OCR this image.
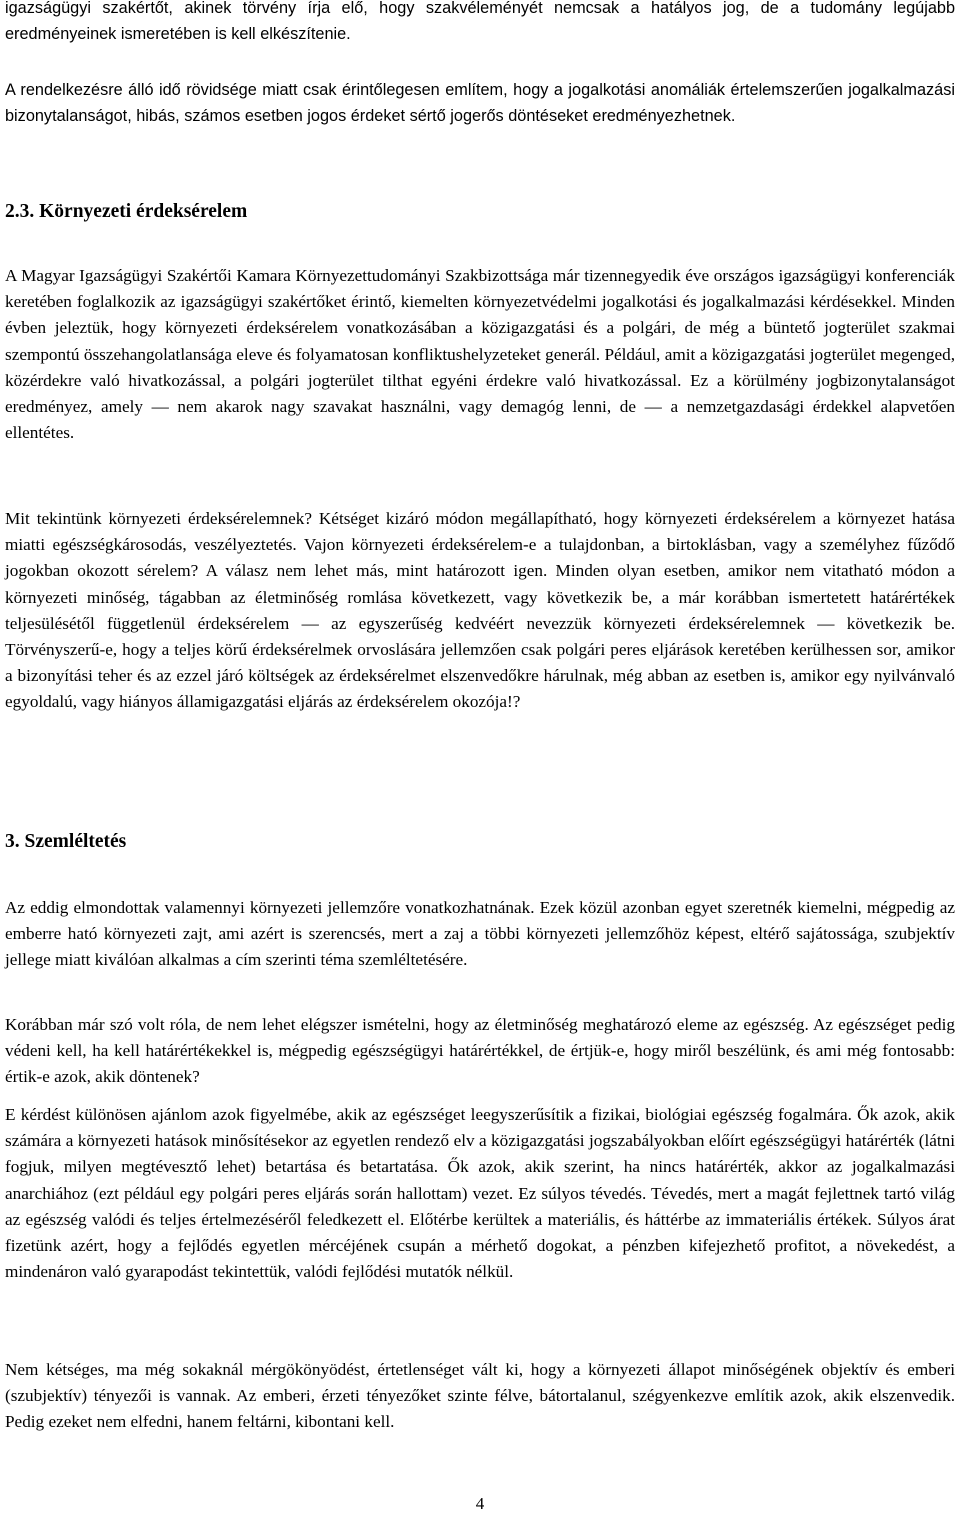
igazságügyi szakértőt, akinek törvény írja elő, hogy szakvéleményét nemcsak a hatályos jog, de a tudomány legújabb eredményeinek ismeretében is kell elkészítenie.

A rendelkezésre álló idő rövidsége miatt csak érintőlegesen említem, hogy a jogalkotási anomáliák értelemszerűen jogalkalmazási bizonytalanságot, hibás, számos esetben jogos érdeket sértő jogerős döntéseket eredményezhetnek.

2.3. Környezeti érdeksérelem

A Magyar Igazságügyi Szakértői Kamara Környezettudományi Szakbizottsága már tizennegyedik éve országos igazságügyi konferenciák keretében foglalkozik az igazságügyi szakértőket érintő, kiemelten környezetvédelmi jogalkotási és jogalkalmazási kérdésekkel. Minden évben jeleztük, hogy környezeti érdeksérelem vonatkozásában a közigazgatási és a polgári, de még a büntető jogterület szakmai szempontú összehangolatlansága eleve és folyamatosan konfliktushelyzeteket generál. Például, amit a közigazgatási jogterület megenged, közérdekre való hivatkozással, a polgári jogterület tilthat egyéni érdekre való hivatkozással. Ez a körülmény jogbizonytalanságot eredményez, amely — nem akarok nagy szavakat használni, vagy demagóg lenni, de — a nemzetgazdasági érdekkel alapvetően ellentétes.

Mit tekintünk környezeti érdeksérelemnek? Kétséget kizáró módon megállapítható, hogy környezeti érdeksérelem a környezet hatása miatti egészségkárosodás, veszélyeztetés. Vajon környezeti érdeksérelem-e a tulajdonban, a birtoklásban, vagy a személyhez fűződő jogokban okozott sérelem? A válasz nem lehet más, mint határozott igen. Minden olyan esetben, amikor nem vitatható módon a környezeti minőség, tágabban az életminőség romlása következett, vagy következik be, a már korábban ismertetett határértékek teljesülésétől függetlenül érdeksérelem — az egyszerűség kedvéért nevezzük környezeti érdeksérelemnek — következik be. Törvényszerű-e, hogy a teljes körű érdeksérelmek orvoslására jellemzően csak polgári peres eljárások keretében kerülhessen sor, amikor a bizonyítási teher és az ezzel járó költségek az érdeksérelmet elszenvedőkre hárulnak, még abban az esetben is, amikor egy nyilvánvaló egyoldalú, vagy hiányos államigazgatási eljárás az érdeksérelem okozója!?

3. Szemléltetés

Az eddig elmondottak valamennyi környezeti jellemzőre vonatkozhatnának. Ezek közül azonban egyet szeretnék kiemelni, mégpedig az emberre ható környezeti zajt, ami azért is szerencsés, mert a zaj a többi környezeti jellemzőhöz képest, eltérő sajátossága, szubjektív jellege miatt kiválóan alkalmas a cím szerinti téma szemléltetésére.

Korábban már szó volt róla, de nem lehet elégszer ismételni, hogy az életminőség meghatározó eleme az egészség. Az egészséget pedig védeni kell, ha kell határértékekkel is, mégpedig egészségügyi határértékkel, de értjük-e, hogy miről beszélünk, és ami még fontosabb: értik-e azok, akik döntenek?

E kérdést különösen ajánlom azok figyelmébe, akik az egészséget leegyszerűsítik a fizikai, biológiai egészség fogalmára. Ők azok, akik számára a környezeti hatások minősítésekor az egyetlen rendező elv a közigazgatási jogszabályokban előírt egészségügyi határérték (látni fogjuk, milyen megtévesztő lehet) betartása és betartatása. Ők azok, akik szerint, ha nincs határérték, akkor az jogalkalmazási anarchiához (ezt például egy polgári peres eljárás során hallottam) vezet. Ez súlyos tévedés. Tévedés, mert a magát fejlettnek tartó világ az egészség valódi és teljes értelmezéséről feledkezett el. Előtérbe kerültek a materiális, és háttérbe az immateriális értékek. Súlyos árat fizetünk azért, hogy a fejlődés egyetlen mércéjének csupán a mérhető dogokat, a pénzben kifejezhető profitot, a növekedést, a mindenáron való gyarapodást tekintettük, valódi fejlődési mutatók nélkül.

Nem kétséges, ma még sokaknál mérgökönyödést, értetlenséget vált ki, hogy a környezeti állapot minőségének objektív és emberi (szubjektív) tényezői is vannak. Az emberi, érzeti tényezőket szinte félve, bátortalanul, szégyenkezve említik azok, akik elszenvedik. Pedig ezeket nem elfedni, hanem feltárni, kibontani kell.

4
